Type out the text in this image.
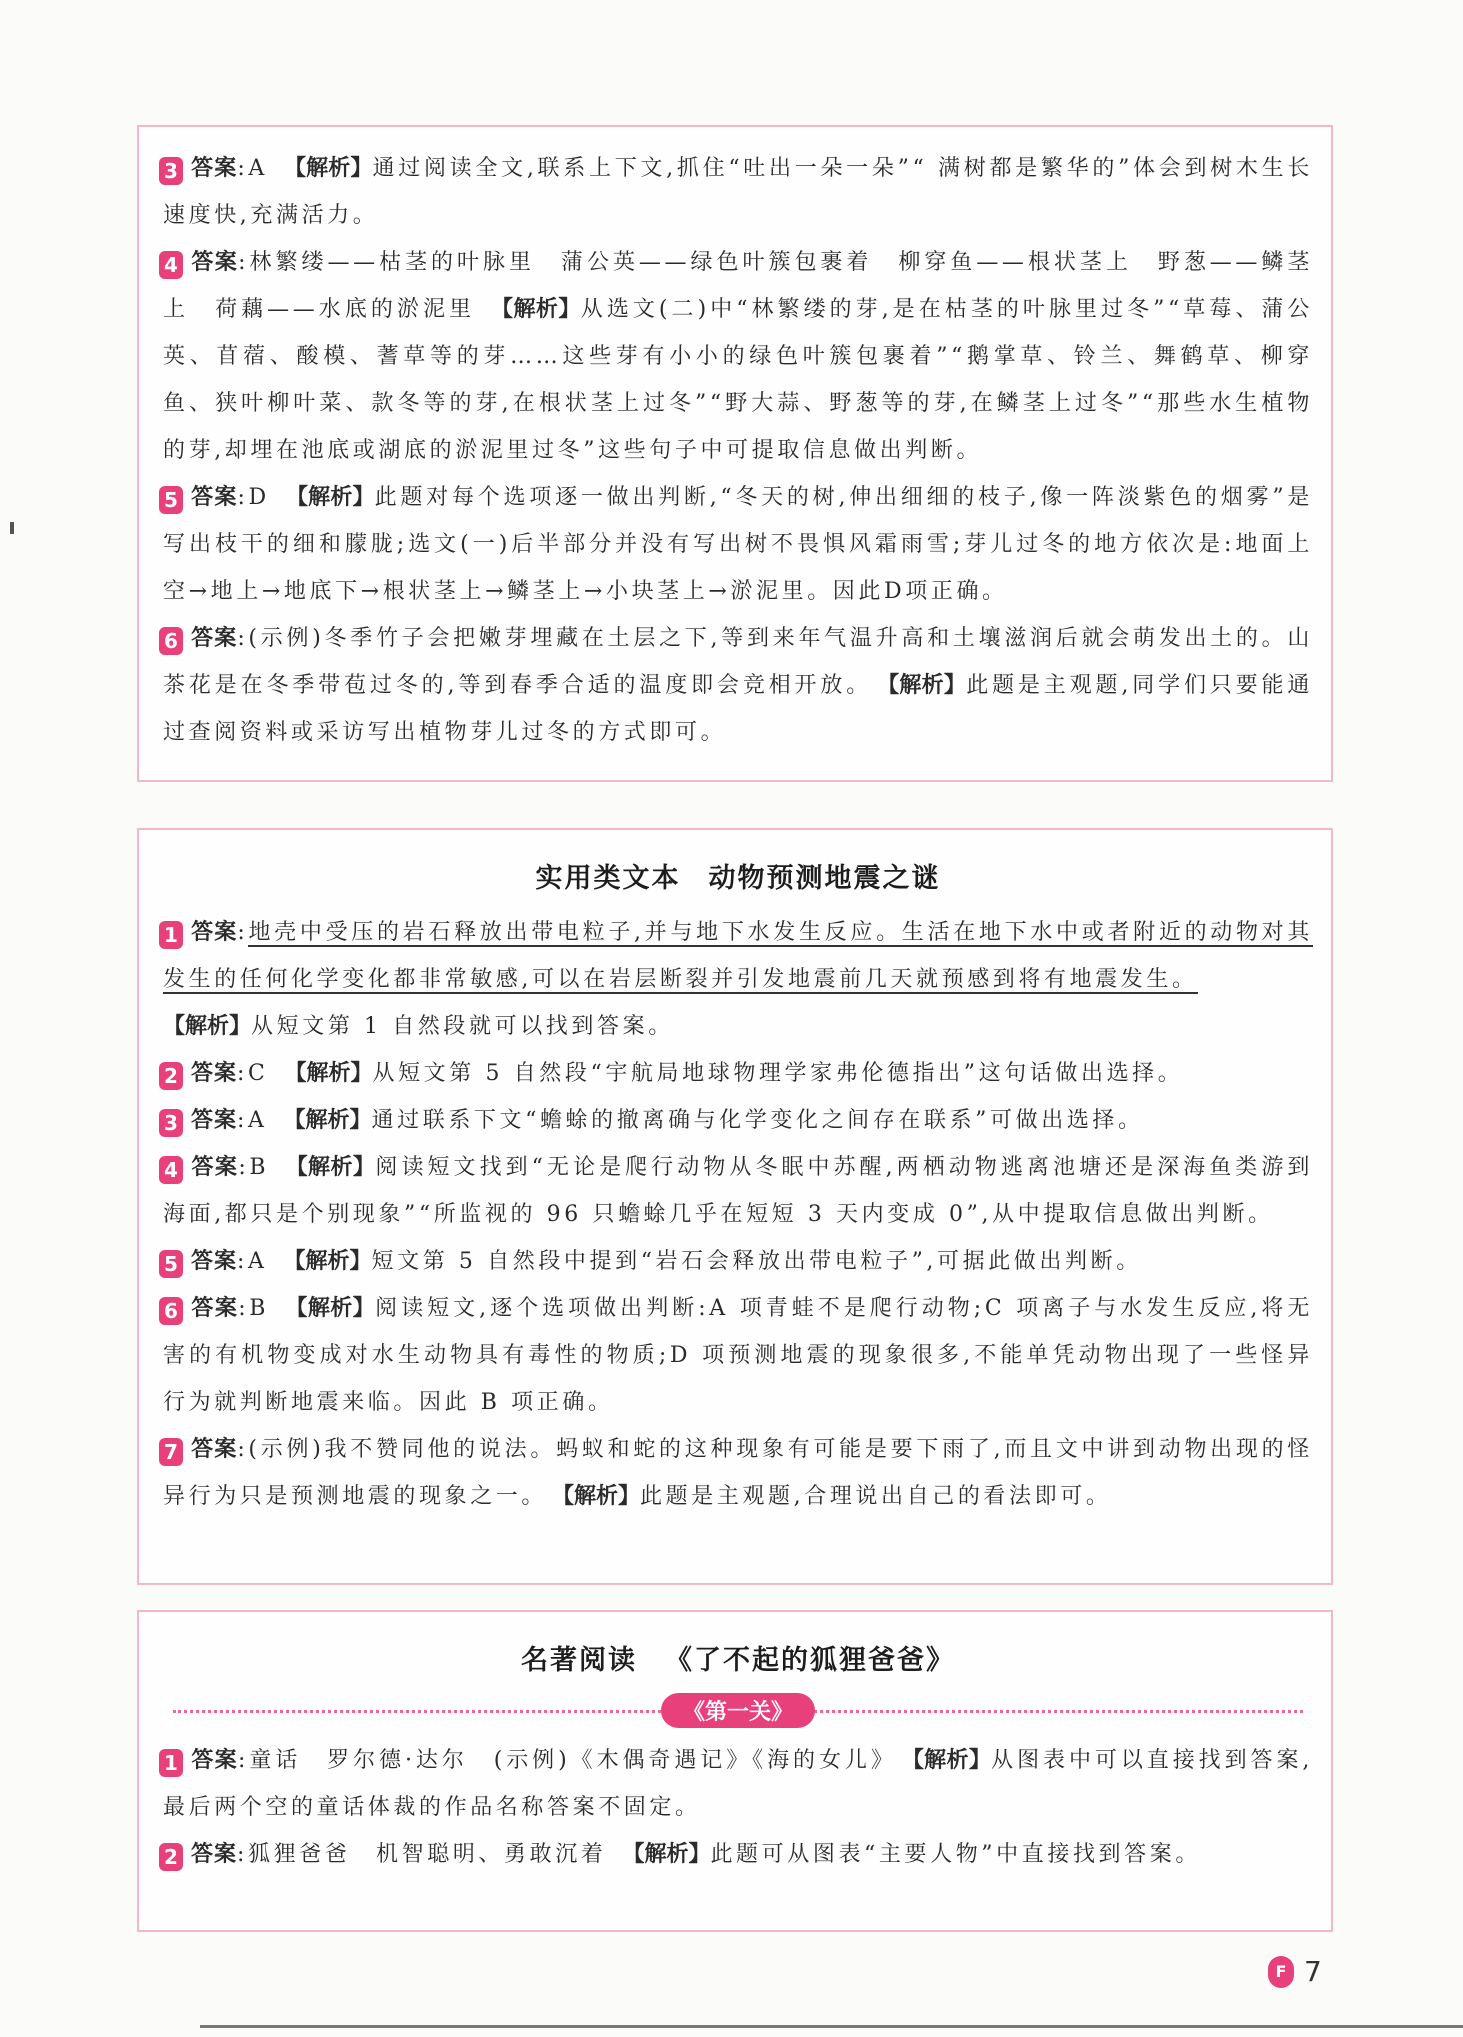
3 答案:A 【解析】通过阅读全文,联系上下文,抓住“吐出一朵一朵”“ 满树都是繁华的”体会到树木生长速度快,充满活力。

4 答案:林繁缕——枯茎的叶脉里　蒲公英——绿色叶簇包裹着　柳穿鱼——根状茎上　野葱——鳞茎上　荷藕——水底的淤泥里 【解析】从选文(二)中“林繁缕的芽,是在枯茎的叶脉里过冬”“草莓、蒲公英、苜蓿、酸模、蓍草等的芽……这些芽有小小的绿色叶簇包裹着”“鹅掌草、铃兰、舞鹤草、柳穿鱼、狭叶柳叶菜、款冬等的芽,在根状茎上过冬”“野大蒜、野葱等的芽,在鳞茎上过冬”“那些水生植物的芽,却埋在池底或湖底的淤泥里过冬”这些句子中可提取信息做出判断。

5 答案:D 【解析】此题对每个选项逐一做出判断,“冬天的树,伸出细细的枝子,像一阵淡紫色的烟雾”是写出枝干的细和朦胧;选文(一)后半部分并没有写出树不畏惧风霜雨雪;芽儿过冬的地方依次是:地面上空→地上→地底下→根状茎上→鳞茎上→小块茎上→淤泥里。因此D项正确。

6 答案:(示例)冬季竹子会把嫩芽埋藏在土层之下,等到来年气温升高和土壤滋润后就会萌发出土的。山茶花是在冬季带苞过冬的,等到春季合适的温度即会竞相开放。 【解析】此题是主观题,同学们只要能通过查阅资料或采访写出植物芽儿过冬的方式即可。

实用类文本 动物预测地震之谜

1 答案:地壳中受压的岩石释放出带电粒子,并与地下水发生反应。生活在地下水中或者附近的动物对其发生的任何化学变化都非常敏感,可以在岩层断裂并引发地震前几天就预感到将有地震发生。
【解析】从短文第 1 自然段就可以找到答案。

2 答案:C 【解析】从短文第 5 自然段“宇航局地球物理学家弗伦德指出”这句话做出选择。

3 答案:A 【解析】通过联系下文“蟾蜍的撤离确与化学变化之间存在联系”可做出选择。

4 答案:B 【解析】阅读短文找到“无论是爬行动物从冬眠中苏醒,两栖动物逃离池塘还是深海鱼类游到海面,都只是个别现象”“所监视的 96 只蟾蜍几乎在短短 3 天内变成 0”,从中提取信息做出判断。

5 答案:A 【解析】短文第 5 自然段中提到“岩石会释放出带电粒子”,可据此做出判断。

6 答案:B 【解析】阅读短文,逐个选项做出判断:A 项青蛙不是爬行动物;C 项离子与水发生反应,将无害的有机物变成对水生动物具有毒性的物质;D 项预测地震的现象很多,不能单凭动物出现了一些怪异行为就判断地震来临。因此 B 项正确。

7 答案:(示例)我不赞同他的说法。蚂蚁和蛇的这种现象有可能是要下雨了,而且文中讲到动物出现的怪异行为只是预测地震的现象之一。 【解析】此题是主观题,合理说出自己的看法即可。

名著阅读 《了不起的狐狸爸爸》
《第一关》

1 答案:童话　罗尔德·达尔　(示例)《木偶奇遇记》《海的女儿》 【解析】从图表中可以直接找到答案,最后两个空的童话体裁的作品名称答案不固定。

2 答案:狐狸爸爸　机智聪明、勇敢沉着 【解析】此题可从图表“主要人物”中直接找到答案。

F 7
